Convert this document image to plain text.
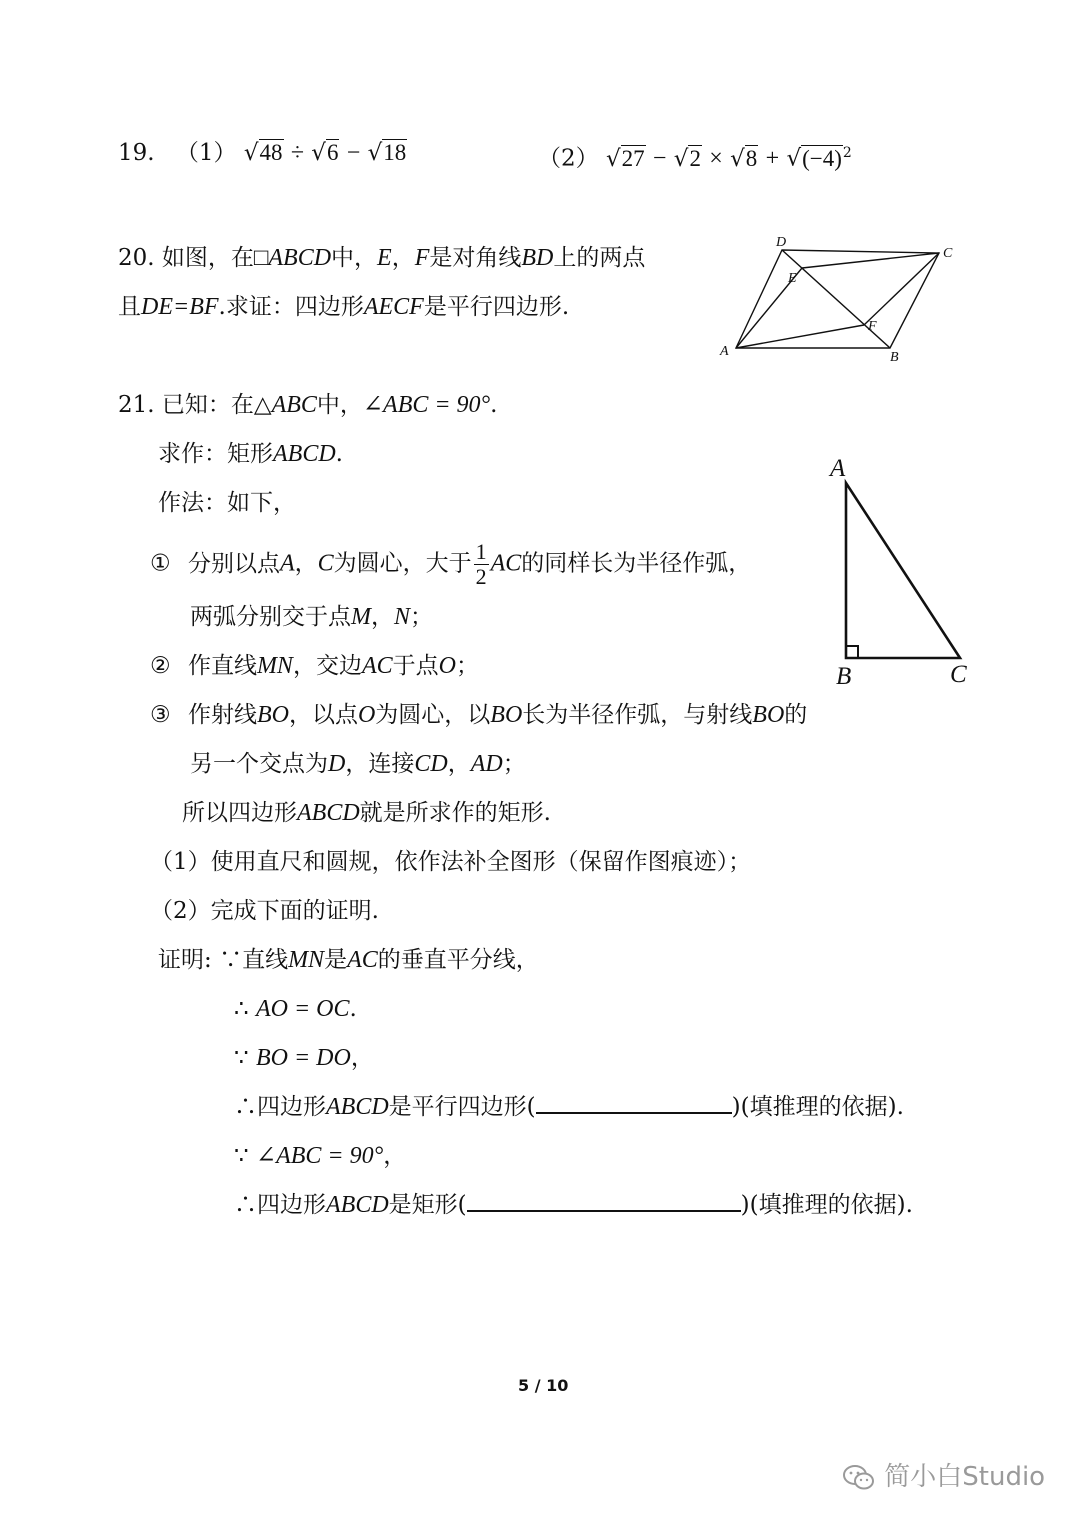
19. （1） √48 ÷ √6 − √18	（2） $√27 - √2 \times √8 + √(-4)^2$
20. 如图，在□ABCD中，E，F是对角线BD上的两点
且DE=BF.求证：四边形AECF是平行四边形.
A	B
C
D
E
F
21. 已知：在△ABC中，∠ABC = 90°.
求作：矩形ABCD.
作法：如下，
① 分别以点A，C为圆心，大于 $\frac{1}{2}$ AC的同样长为半径作弧，
两弧分别交于点M，N；
② 作直线MN，交边AC于点O；
③ 作射线BO，以点O为圆心，以BO长为半径作弧，与射线BO的
另一个交点为D，连接CD，AD；
所以四边形ABCD就是所求作的矩形.
（1）使用直尺和圆规，依作法补全图形（保留作图痕迹）；
（2）完成下面的证明.
证明: ∵直线MN是AC的垂直平分线，
∴ AO = OC.
∵ BO = DO，
∴四边形ABCD是平行四边形(	)(填推理的依据).
∵ ∠ABC = 90°，
∴四边形ABCD是矩形(	)(填推理的依据).
A
B	C
5 / 10
简小白Studio
